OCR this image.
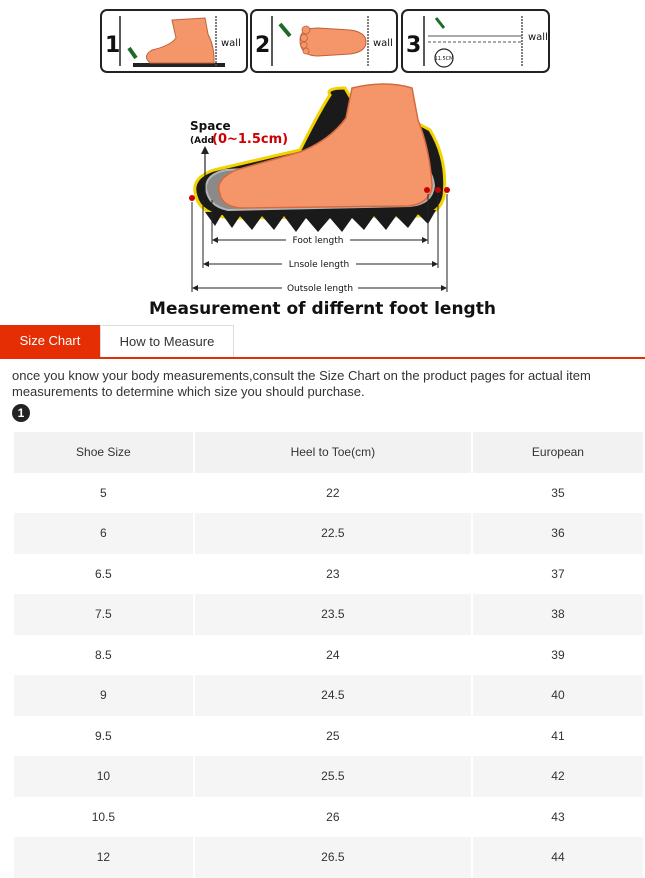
1	wall 2	wall 3
11.5CM
wall
Space
(Add
(0~1.5cm)
Foot length
Lnsole length
Outsole length
Measurement of differnt foot length
Size Chart	How to Measure

once you know your body measurements,consult the Size Chart on the product pages for actual item measurements to determine which size you should purchase.

1
Shoe Size	Heel to Toe(cm)	European
5	22	35
6	22.5	36
6.5	23	37
7.5	23.5	38
8.5	24	39
9	24.5	40
9.5	25	41
10	25.5	42
10.5	26	43
12	26.5	44
